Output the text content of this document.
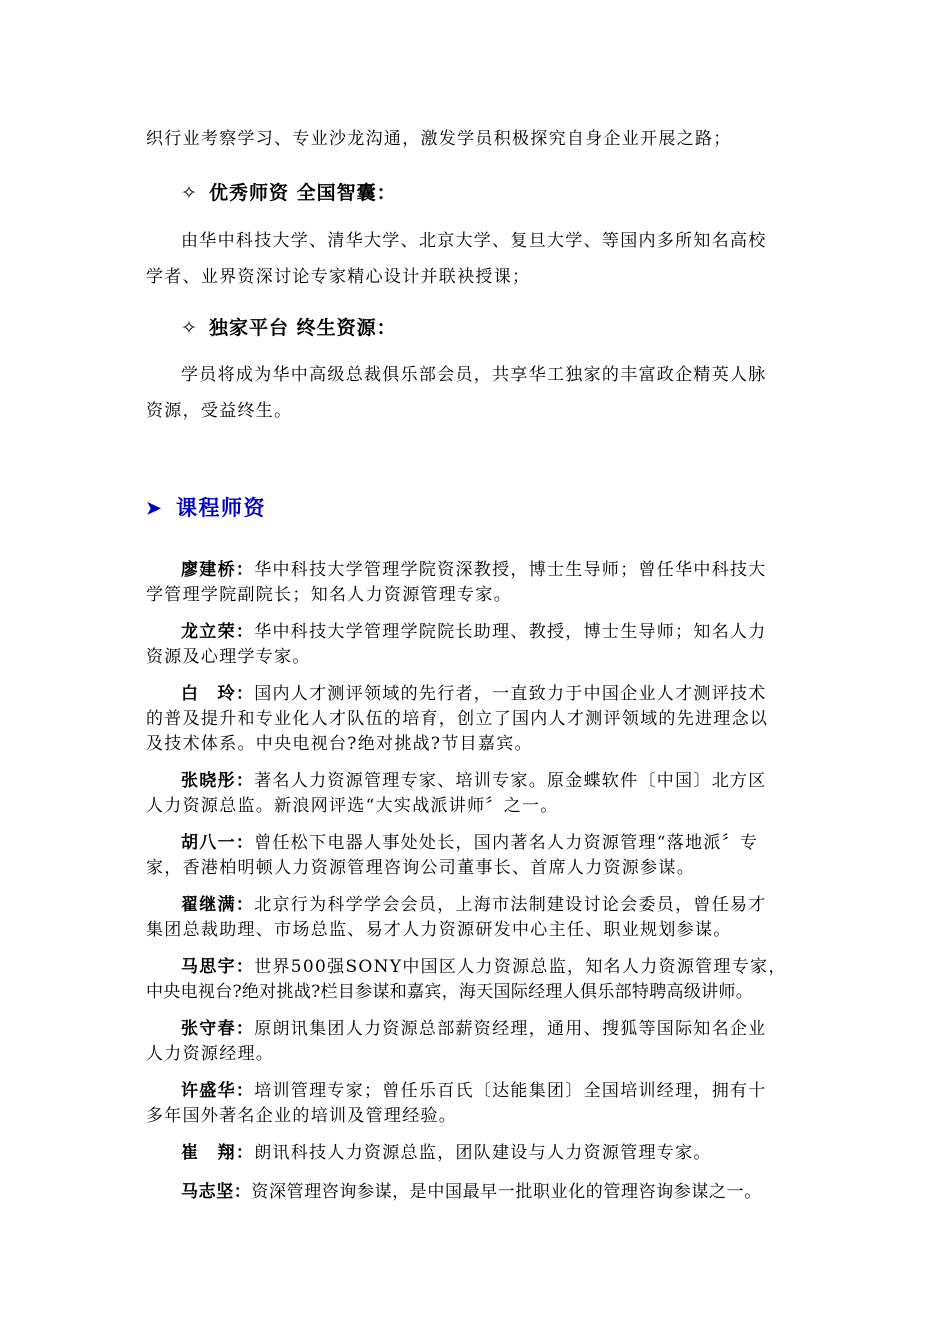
织行业考察学习、专业沙龙沟通，激发学员积极探究自身企业开展之路；
✧ 优秀师资 全国智囊：
由华中科技大学、清华大学、北京大学、复旦大学、等国内多所知名高校
学者、业界资深讨论专家精心设计并联袂授课；
✧ 独家平台 终生资源：
学员将成为华中高级总裁俱乐部会员，共享华工独家的丰富政企精英人脉
资源，受益终生。
➤ 课程师资
廖建桥：华中科技大学管理学院资深教授，博士生导师；曾任华中科技大
学管理学院副院长；知名人力资源管理专家。
龙立荣：华中科技大学管理学院院长助理、教授，博士生导师；知名人力
资源及心理学专家。
白　玲：国内人才测评领域的先行者，一直致力于中国企业人才测评技术
的普及提升和专业化人才队伍的培育，创立了国内人才测评领域的先进理念以
及技术体系。中央电视台?绝对挑战?节目嘉宾。
张晓彤：著名人力资源管理专家、培训专家。原金蝶软件〔中国〕北方区
人力资源总监。新浪网评选“大实战派讲师〞之一。
胡八一：曾任松下电器人事处处长，国内著名人力资源管理“落地派〞专
家，香港柏明顿人力资源管理咨询公司董事长、首席人力资源参谋。
翟继满：北京行为科学学会会员，上海市法制建设讨论会委员，曾任易才
集团总裁助理、市场总监、易才人力资源研发中心主任、职业规划参谋。
马思宇：世界500强SONY中国区人力资源总监，知名人力资源管理专家，
中央电视台?绝对挑战?栏目参谋和嘉宾，海天国际经理人俱乐部特聘高级讲师。
张守春：原朗讯集团人力资源总部薪资经理，通用、搜狐等国际知名企业
人力资源经理。
许盛华：培训管理专家；曾任乐百氏〔达能集团〕全国培训经理，拥有十
多年国外著名企业的培训及管理经验。
崔　翔：朗讯科技人力资源总监，团队建设与人力资源管理专家。
马志坚：资深管理咨询参谋，是中国最早一批职业化的管理咨询参谋之一。
